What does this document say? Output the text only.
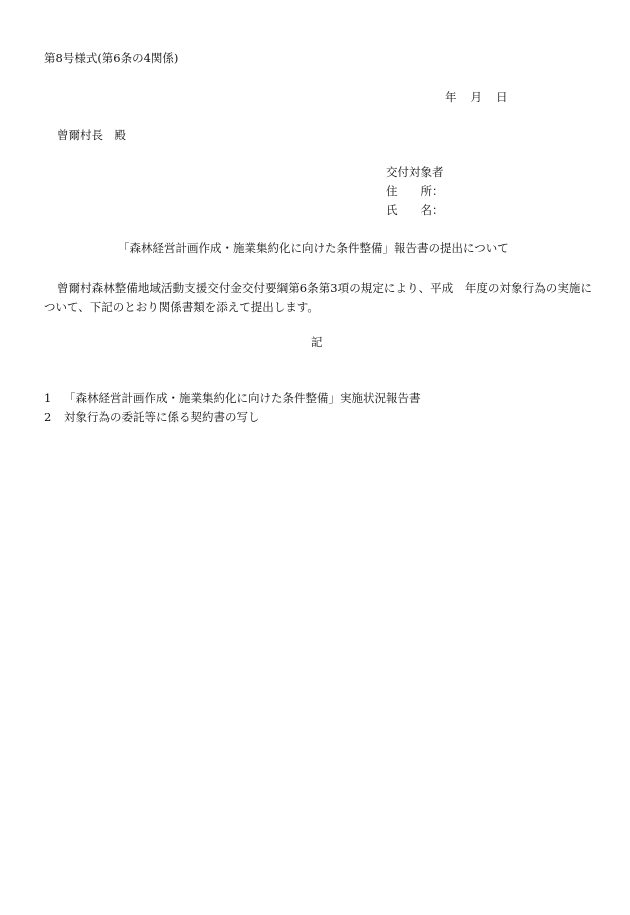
第8号様式(第6条の4関係)
年 月 日
曾爾村長　殿
交付対象者
住　　所：
氏　　名：
「森林経営計画作成・施業集約化に向けた条件整備」報告書の提出について
曾爾村森林整備地域活動支援交付金交付要綱第6条第3項の規定により、平成　年度の対象行為の実施について、下記のとおり関係書類を添えて提出します。
記
1	「森林経営計画作成・施業集約化に向けた条件整備」実施状況報告書
2	対象行為の委託等に係る契約書の写し
